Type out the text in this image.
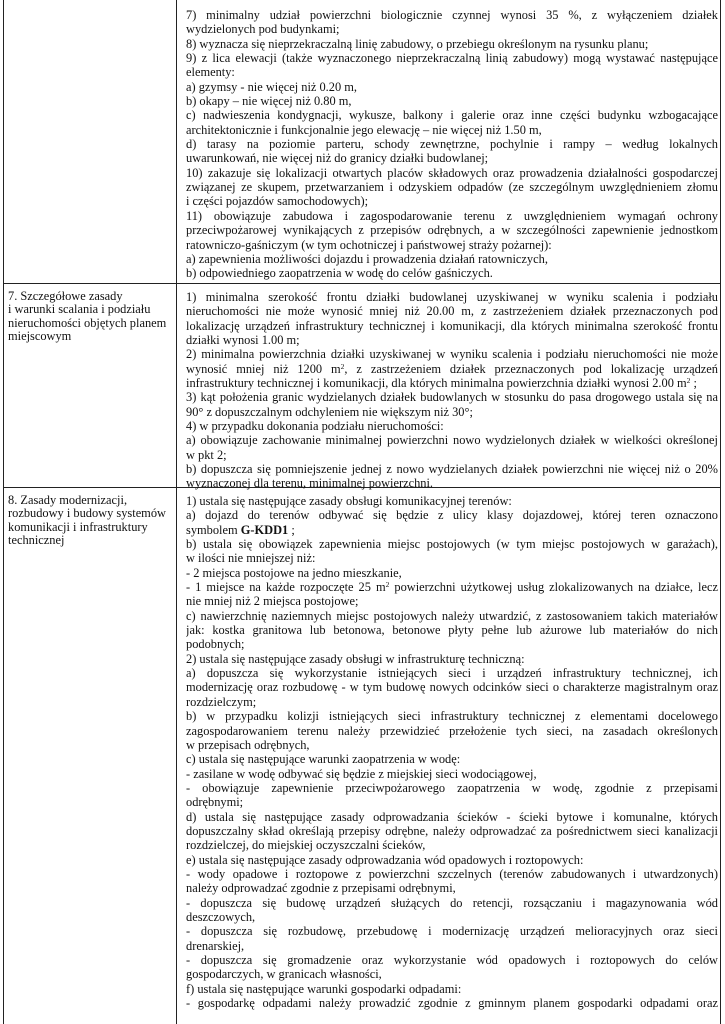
7) minimalny udział powierzchni biologicznie czynnej wynosi 35 %, z wyłączeniem działek
wydzielonych pod budynkami;
8) wyznacza się nieprzekraczalną linię zabudowy, o przebiegu określonym na rysunku planu;
9) z lica elewacji (także wyznaczonego nieprzekraczalną linią zabudowy) mogą wystawać następujące
elementy:
a) gzymsy - nie więcej niż 0.20 m,
b) okapy – nie więcej niż 0.80 m,
c) nadwieszenia kondygnacji, wykusze, balkony i galerie oraz inne części budynku wzbogacające
architektonicznie i funkcjonalnie jego elewację – nie więcej niż 1.50 m,
d) tarasy na poziomie parteru, schody zewnętrzne, pochylnie i rampy – według lokalnych
uwarunkowań, nie więcej niż do granicy działki budowlanej;
10) zakazuje się lokalizacji otwartych placów składowych oraz prowadzenia działalności gospodarczej
związanej ze skupem, przetwarzaniem i odzyskiem odpadów (ze szczególnym uwzględnieniem złomu
i części pojazdów samochodowych);
11) obowiązuje zabudowa i zagospodarowanie terenu z uwzględnieniem wymagań ochrony
przeciwpożarowej wynikających z przepisów odrębnych, a w szczególności zapewnienie jednostkom
ratowniczo-gaśniczym (w tym ochotniczej i państwowej straży pożarnej):
a) zapewnienia możliwości dojazdu i prowadzenia działań ratowniczych,
b) odpowiedniego zaopatrzenia w wodę do celów gaśniczych.
7. Szczegółowe zasady
i warunki scalania i podziału
nieruchomości objętych planem
miejscowym
1) minimalna szerokość frontu działki budowlanej uzyskiwanej w wyniku scalenia i podziału
nieruchomości nie może wynosić mniej niż 20.00 m, z zastrzeżeniem działek przeznaczonych pod
lokalizację urządzeń infrastruktury technicznej i komunikacji, dla których minimalna szerokość frontu
działki wynosi 1.00 m;
2) minimalna powierzchnia działki uzyskiwanej w wyniku scalenia i podziału nieruchomości nie może
wynosić mniej niż 1200 $m^2$, z zastrzeżeniem działek przeznaczonych pod lokalizację urządzeń
infrastruktury technicznej i komunikacji, dla których minimalna powierzchnia działki wynosi 2.00 $m^2$ ;
3) kąt położenia granic wydzielanych działek budowlanych w stosunku do pasa drogowego ustala się na
90° z dopuszczalnym odchyleniem nie większym niż 30°;
4) w przypadku dokonania podziału nieruchomości:
a) obowiązuje zachowanie minimalnej powierzchni nowo wydzielonych działek w wielkości określonej
w pkt 2;
b) dopuszcza się pomniejszenie jednej z nowo wydzielanych działek powierzchni nie więcej niż o 20%
wyznaczonej dla terenu, minimalnej powierzchni.
8. Zasady modernizacji,
rozbudowy i budowy systemów
komunikacji i infrastruktury
technicznej
1) ustala się następujące zasady obsługi komunikacyjnej terenów:
a) dojazd do terenów odbywać się będzie z ulicy klasy dojazdowej, której teren oznaczono
symbolem G-KDD1 ;
b) ustala się obowiązek zapewnienia miejsc postojowych (w tym miejsc postojowych w garażach),
w ilości nie mniejszej niż:
- 2 miejsca postojowe na jedno mieszkanie,
- 1 miejsce na każde rozpoczęte 25 $m^2$ powierzchni użytkowej usług zlokalizowanych na działce, lecz
nie mniej niż 2 miejsca postojowe;
c) nawierzchnię naziemnych miejsc postojowych należy utwardzić, z zastosowaniem takich materiałów
jak: kostka granitowa lub betonowa, betonowe płyty pełne lub ażurowe lub materiałów do nich
podobnych;
2) ustala się następujące zasady obsługi w infrastrukturę techniczną:
a) dopuszcza się wykorzystanie istniejących sieci i urządzeń infrastruktury technicznej, ich
modernizację oraz rozbudowę - w tym budowę nowych odcinków sieci o charakterze magistralnym oraz
rozdzielczym;
b) w przypadku kolizji istniejących sieci infrastruktury technicznej z elementami docelowego
zagospodarowaniem terenu należy przewidzieć przełożenie tych sieci, na zasadach określonych
w przepisach odrębnych,
c) ustala się następujące warunki zaopatrzenia w wodę:
- zasilane w wodę odbywać się będzie z miejskiej sieci wodociągowej,
- obowiązuje zapewnienie przeciwpożarowego zaopatrzenia w wodę, zgodnie z przepisami
odrębnymi;
d) ustala się następujące zasady odprowadzania ścieków - ścieki bytowe i komunalne, których
dopuszczalny skład określają przepisy odrębne, należy odprowadzać za pośrednictwem sieci kanalizacji
rozdzielczej, do miejskiej oczyszczalni ścieków,
e) ustala się następujące zasady odprowadzania wód opadowych i roztopowych:
- wody opadowe i roztopowe z powierzchni szczelnych (terenów zabudowanych i utwardzonych)
należy odprowadzać zgodnie z przepisami odrębnymi,
- dopuszcza się budowę urządzeń służących do retencji, rozsączaniu i magazynowania wód
deszczowych,
- dopuszcza się rozbudowę, przebudowę i modernizację urządzeń melioracyjnych oraz sieci
drenarskiej,
- dopuszcza się gromadzenie oraz wykorzystanie wód opadowych i roztopowych do celów
gospodarczych, w granicach własności,
f) ustala się następujące warunki gospodarki odpadami:
- gospodarkę odpadami należy prowadzić zgodnie z gminnym planem gospodarki odpadami oraz
